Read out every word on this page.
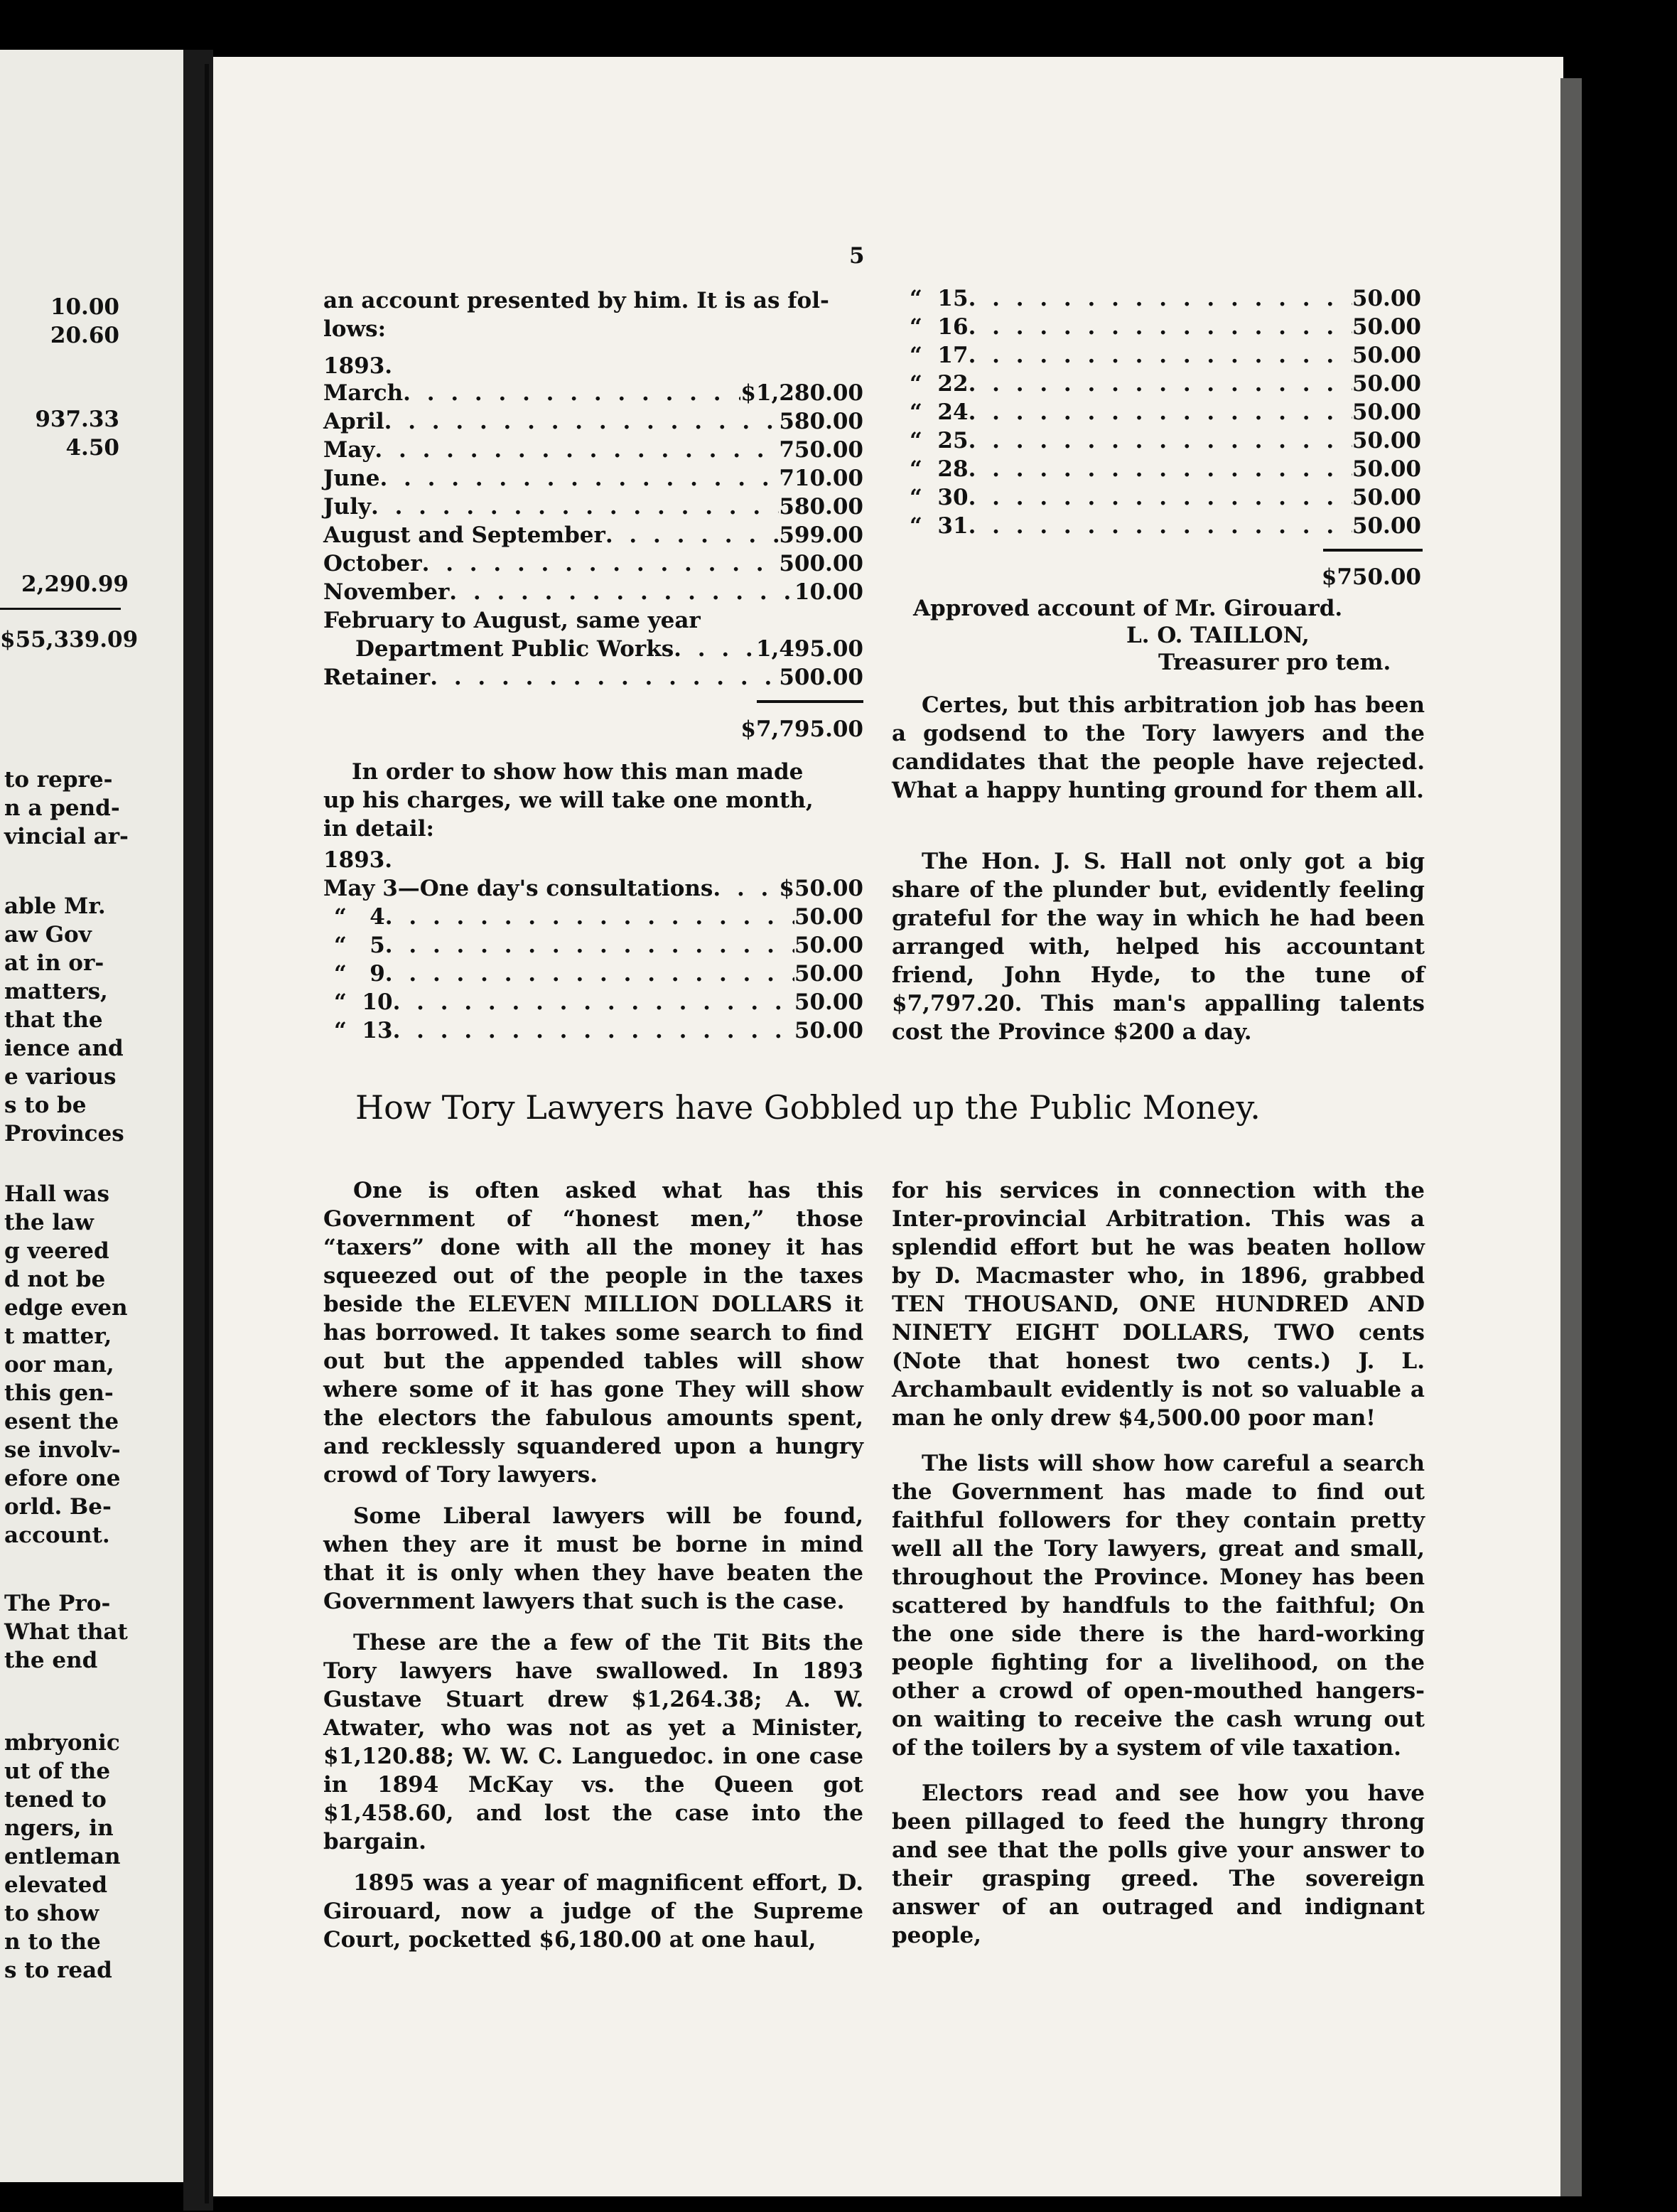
10.00
20.60
937.33
4.50
2,290.99
$55,339.09
to repre-
n a pend-
vincial ar-
able Mr.
aw Gov
at in or-
matters,
that the
ience and
e various
s to be
Provinces
Hall was
the law
g veered
d not be
edge even
t matter,
oor man,
this gen-
esent the
se involv-
efore one
orld. Be-
account.
The Pro-
What that
the end
mbryonic
ut of the
tened to
ngers, in
entleman
elevated
to show
n to the
s to read
5
an account presented by him. It is as fol-
lows:
1893.
March . . .	$1,280.00
April . . .	580.00
May . . .	750.00
June . . .	710.00
July . . .	580.00
August and September . . .	599.00
October . . .	500.00
November . . .	10.00
February to August, same year
Department Public Works . . .	1,495.00
Retainer . . .	500.00
$7,795.00
In order to show how this man made
up his charges, we will take one month,
in detail:
1893.
May 3—One day's consultations . . .	$50.00
“   4 . . .	50.00
“   5 . . .	50.00
“   9 . . .	50.00
“  10 . . .	50.00
“  13 . . .	50.00
“  15 . . .	50.00
“  16 . . .	50.00
“  17 . . .	50.00
“  22 . . .	50.00
“  24 . . .	50.00
“  25 . . .	50.00
“  28 . . .	50.00
“  30 . . .	50.00
“  31 . . .	50.00
$750.00
Approved account of Mr. Girouard.
L. O. TAILLON,
Treasurer pro tem.

Certes, but this arbitration job has been a godsend to the Tory lawyers and the candidates that the people have rejected. What a happy hunting ground for them all.

The Hon. J. S. Hall not only got a big share of the plunder but, evidently feeling grateful for the way in which he had been arranged with, helped his accountant friend, John Hyde, to the tune of $7,797.20. This man's appalling talents cost the Province $200 a day.

How Tory Lawyers have Gobbled up the Public Money.

One is often asked what has this Government of “honest men,” those “taxers” done with all the money it has squeezed out of the people in the taxes beside the ELEVEN MILLION DOLLARS it has borrowed. It takes some search to find out but the appended tables will show where some of it has gone They will show the electors the fabulous amounts spent, and recklessly squandered upon a hungry crowd of Tory lawyers.

Some Liberal lawyers will be found, when they are it must be borne in mind that it is only when they have beaten the Government lawyers that such is the case.

These are the a few of the Tit Bits the Tory lawyers have swallowed. In 1893 Gustave Stuart drew $1,264.38; A. W. Atwater, who was not as yet a Minister, $1,120.88; W. W. C. Languedoc. in one case in 1894 McKay vs. the Queen got $1,458.60, and lost the case into the bargain.

1895 was a year of magnificent effort, D. Girouard, now a judge of the Supreme Court, pocketted $6,180.00 at one haul,

for his services in connection with the Inter-provincial Arbitration. This was a splendid effort but he was beaten hollow by D. Macmaster who, in 1896, grabbed TEN THOUSAND, ONE HUNDRED AND NINETY EIGHT DOLLARS, TWO cents (Note that honest two cents.) J. L. Archambault evidently is not so valuable a man he only drew $4,500.00 poor man!

The lists will show how careful a search the Government has made to find out faithful followers for they contain pretty well all the Tory lawyers, great and small, throughout the Province. Money has been scattered by handfuls to the faithful; On the one side there is the hard-working people fighting for a livelihood, on the other a crowd of open-mouthed hangers-on waiting to receive the cash wrung out of the toilers by a system of vile taxation.

Electors read and see how you have been pillaged to feed the hungry throng and see that the polls give your answer to their grasping greed. The sovereign answer of an outraged and indignant people,
